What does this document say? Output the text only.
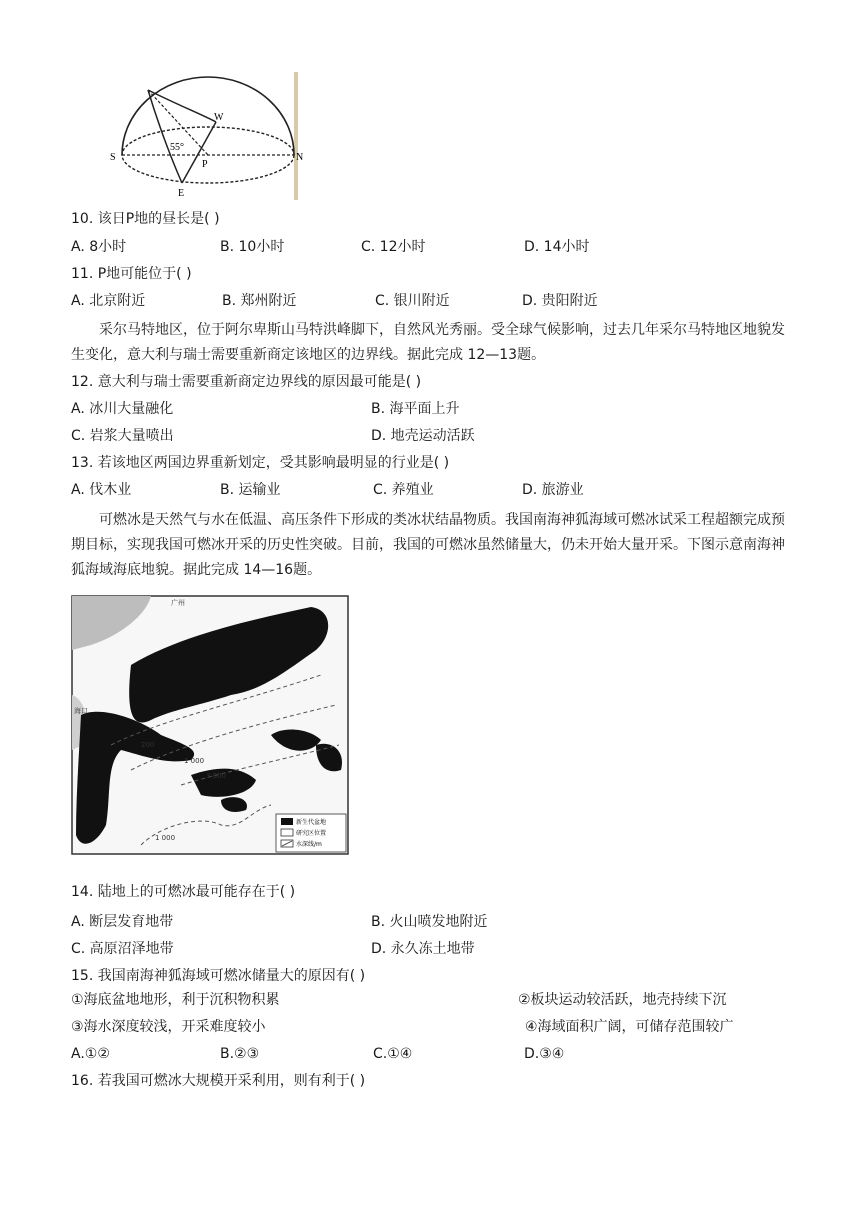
S	N
W
E
P
55°
10. 该日P地的昼长是( )
A. 8小时	B. 10小时	C. 12小时	D. 14小时
11. P地可能位于( )
A. 北京附近	B. 郑州附近	C. 银川附近	D. 贵阳附近
采尔马特地区，位于阿尔卑斯山马特洪峰脚下，自然风光秀丽。受全球气候影响，过去几年采尔马特地区地貌发生变化，意大利与瑞士需要重新商定该地区的边界线。据此完成 12—13题。
12. 意大利与瑞士需要重新商定边界线的原因最可能是( )
A. 冰川大量融化	B. 海平面上升
C. 岩浆大量喷出	D. 地壳运动活跃
13. 若该地区两国边界重新划定，受其影响最明显的行业是( )
A. 伐木业	B. 运输业	C. 养殖业	D. 旅游业
可燃冰是天然气与水在低温、高压条件下形成的类冰状结晶物质。我国南海神狐海域可燃冰试采工程超额完成预期目标，实现我国可燃冰开采的历史性突破。目前，我国的可燃冰虽然储量大，仍未开始大量开采。下图示意南海神狐海域海底地貌。据此完成 14—16题。
200
1 000
3 000
1 000
广州
海口
新生代盆地
研究区位置
水深线/m
14. 陆地上的可燃冰最可能存在于( )
A. 断层发育地带	B. 火山喷发地附近
C. 高原沼泽地带	D. 永久冻土地带
15. 我国南海神狐海域可燃冰储量大的原因有( )
①海底盆地地形，利于沉积物积累	②板块运动较活跃，地壳持续下沉
③海水深度较浅，开采难度较小	④海域面积广阔，可储存范围较广
A.①②	B.②③	C.①④	D.③④
16. 若我国可燃冰大规模开采利用，则有利于( )
